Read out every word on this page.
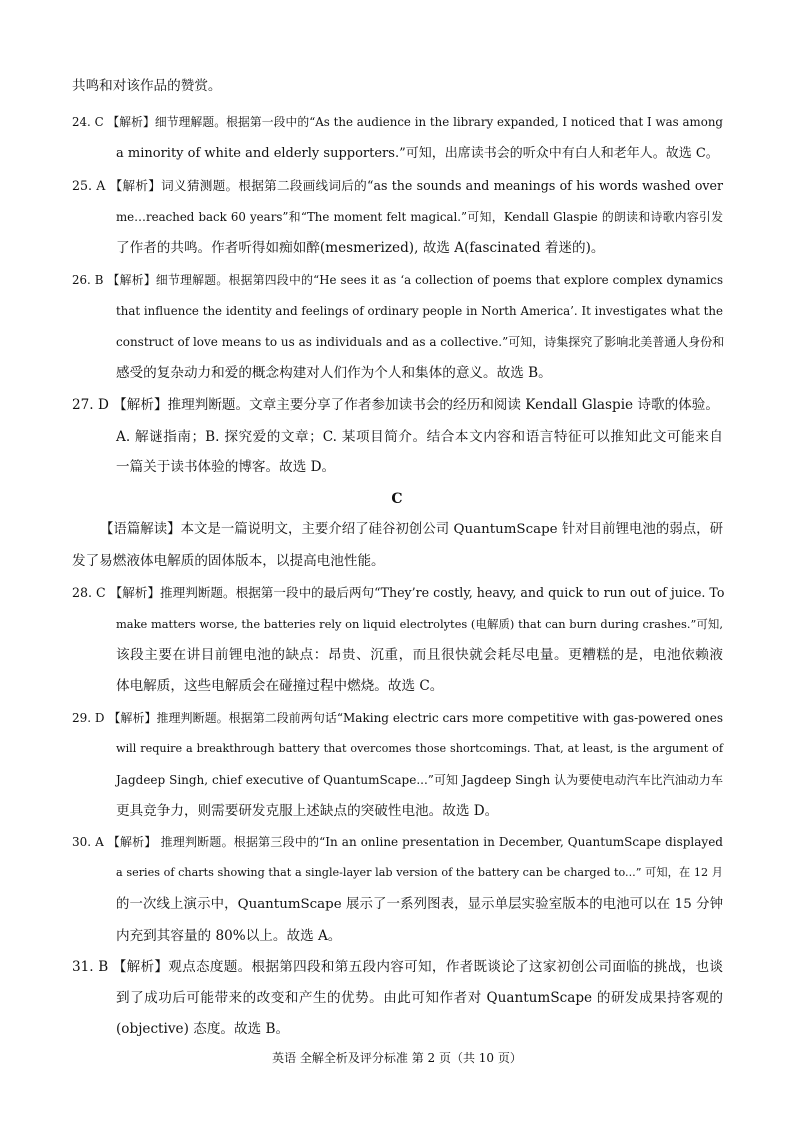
共鸣和对该作品的赞赏。
24. C 【解析】细节理解题。根据第一段中的“As the audience in the library expanded, I noticed that I was among
a minority of white and elderly supporters.”可知，出席读书会的听众中有白人和老年人。故选 C。
25. A 【解析】词义猜测题。根据第二段画线词后的“as the sounds and meanings of his words washed over
me…reached back 60 years”和“The moment felt magical.”可知，Kendall Glaspie 的朗读和诗歌内容引发
了作者的共鸣。作者听得如痴如醉(mesmerized), 故选 A(fascinated 着迷的)。
26. B 【解析】细节理解题。根据第四段中的“He sees it as ‘a collection of poems that explore complex dynamics
that influence the identity and feelings of ordinary people in North America’. It investigates what the
construct of love means to us as individuals and as a collective.”可知，诗集探究了影响北美普通人身份和
感受的复杂动力和爱的概念构建对人们作为个人和集体的意义。故选 B。
27. D 【解析】推理判断题。文章主要分享了作者参加读书会的经历和阅读 Kendall Glaspie 诗歌的体验。
A. 解谜指南；B. 探究爱的文章；C. 某项目简介。结合本文内容和语言特征可以推知此文可能来自
一篇关于读书体验的博客。故选 D。
C
【语篇解读】本文是一篇说明文，主要介绍了硅谷初创公司 QuantumScape 针对目前锂电池的弱点，研
发了易燃液体电解质的固体版本，以提高电池性能。
28. C 【解析】推理判断题。根据第一段中的最后两句“They’re costly, heavy, and quick to run out of juice. To
make matters worse, the batteries rely on liquid electrolytes (电解质) that can burn during crashes.”可知,
该段主要在讲目前锂电池的缺点：昂贵、沉重，而且很快就会耗尽电量。更糟糕的是，电池依赖液
体电解质，这些电解质会在碰撞过程中燃烧。故选 C。
29. D 【解析】推理判断题。根据第二段前两句话“Making electric cars more competitive with gas-powered ones
will require a breakthrough battery that overcomes those shortcomings. That, at least, is the argument of
Jagdeep Singh, chief executive of QuantumScape...”可知 Jagdeep Singh 认为要使电动汽车比汽油动力车
更具竞争力，则需要研发克服上述缺点的突破性电池。故选 D。
30. A 【解析】 推理判断题。根据第三段中的“In an online presentation in December, QuantumScape displayed
a series of charts showing that a single-layer lab version of the battery can be charged to...” 可知，在 12 月
的一次线上演示中，QuantumScape 展示了一系列图表，显示单层实验室版本的电池可以在 15 分钟
内充到其容量的 80%以上。故选 A。
31. B 【解析】观点态度题。根据第四段和第五段内容可知，作者既谈论了这家初创公司面临的挑战，也谈
到了成功后可能带来的改变和产生的优势。由此可知作者对 QuantumScape 的研发成果持客观的
(objective) 态度。故选 B。
英语 全解全析及评分标准 第 2 页（共 10 页）
